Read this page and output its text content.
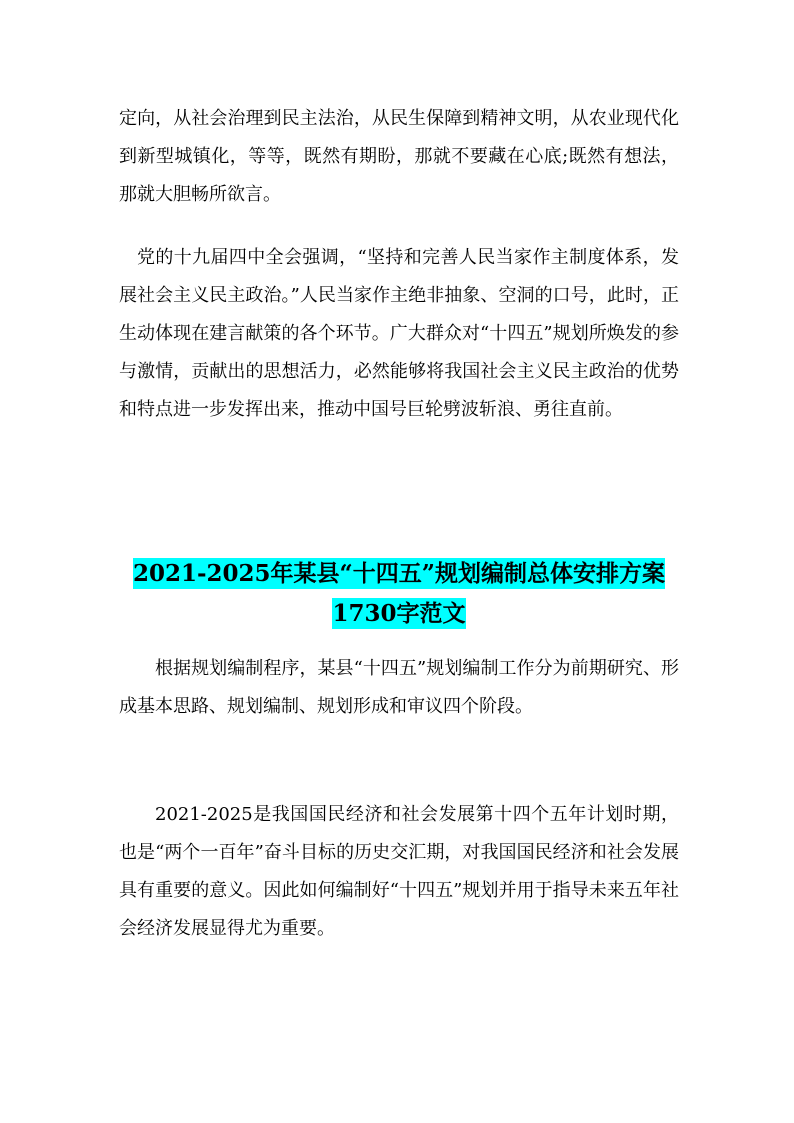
定向，从社会治理到民主法治，从民生保障到精神文明，从农业现代化到新型城镇化，等等，既然有期盼，那就不要藏在心底;既然有想法，那就大胆畅所欲言。

党的十九届四中全会强调，“坚持和完善人民当家作主制度体系，发展社会主义民主政治。”人民当家作主绝非抽象、空洞的口号，此时，正生动体现在建言献策的各个环节。广大群众对“十四五”规划所焕发的参与激情，贡献出的思想活力，必然能够将我国社会主义民主政治的优势和特点进一步发挥出来，推动中国号巨轮劈波斩浪、勇往直前。

2021-2025年某县“十四五”规划编制总体安排方案
1730字范文

根据规划编制程序，某县“十四五”规划编制工作分为前期研究、形成基本思路、规划编制、规划形成和审议四个阶段。

2021-2025是我国国民经济和社会发展第十四个五年计划时期，也是“两个一百年”奋斗目标的历史交汇期，对我国国民经济和社会发展具有重要的意义。因此如何编制好“十四五”规划并用于指导未来五年社会经济发展显得尤为重要。
